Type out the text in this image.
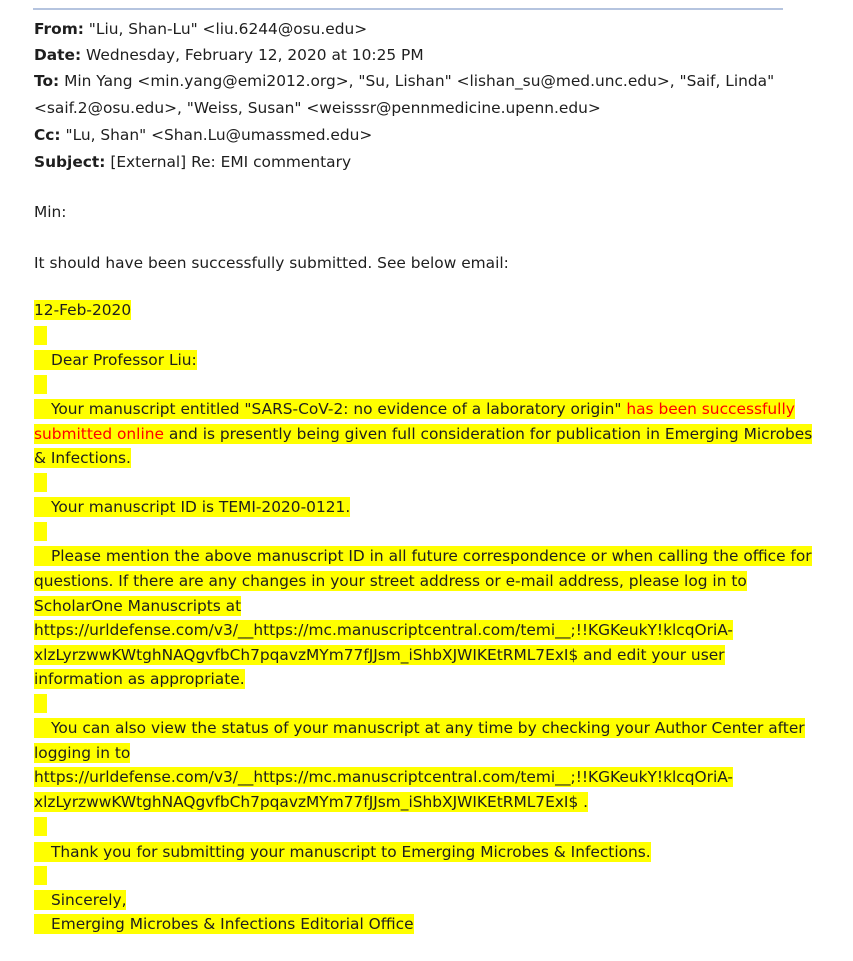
From: "Liu, Shan-Lu" <liu.6244@osu.edu>
Date: Wednesday, February 12, 2020 at 10:25 PM
To: Min Yang <min.yang@emi2012.org>, "Su, Lishan" <lishan_su@med.unc.edu>, "Saif, Linda"
<saif.2@osu.edu>, "Weiss, Susan" <weisssr@pennmedicine.upenn.edu>
Cc: "Lu, Shan" <Shan.Lu@umassmed.edu>
Subject: [External] Re: EMI commentary
Min:
It should have been successfully submitted. See below email:
12-Feb-2020
Dear Professor Liu:
Your manuscript entitled "SARS-CoV-2: no evidence of a laboratory origin" has been successfully
submitted online and is presently being given full consideration for publication in Emerging Microbes
& Infections.
Your manuscript ID is TEMI-2020-0121.
Please mention the above manuscript ID in all future correspondence or when calling the office for
questions. If there are any changes in your street address or e-mail address, please log in to
ScholarOne Manuscripts at
https://urldefense.com/v3/__https://mc.manuscriptcentral.com/temi__;!!KGKeukY!klcqOriA-
xlzLyrzwwKWtghNAQgvfbCh7pqavzMYm77fJJsm_iShbXJWIKEtRML7ExI$ and edit your user
information as appropriate.
You can also view the status of your manuscript at any time by checking your Author Center after
logging in to
https://urldefense.com/v3/__https://mc.manuscriptcentral.com/temi__;!!KGKeukY!klcqOriA-
xlzLyrzwwKWtghNAQgvfbCh7pqavzMYm77fJJsm_iShbXJWIKEtRML7ExI$ .
Thank you for submitting your manuscript to Emerging Microbes & Infections.
Sincerely,
Emerging Microbes & Infections Editorial Office
